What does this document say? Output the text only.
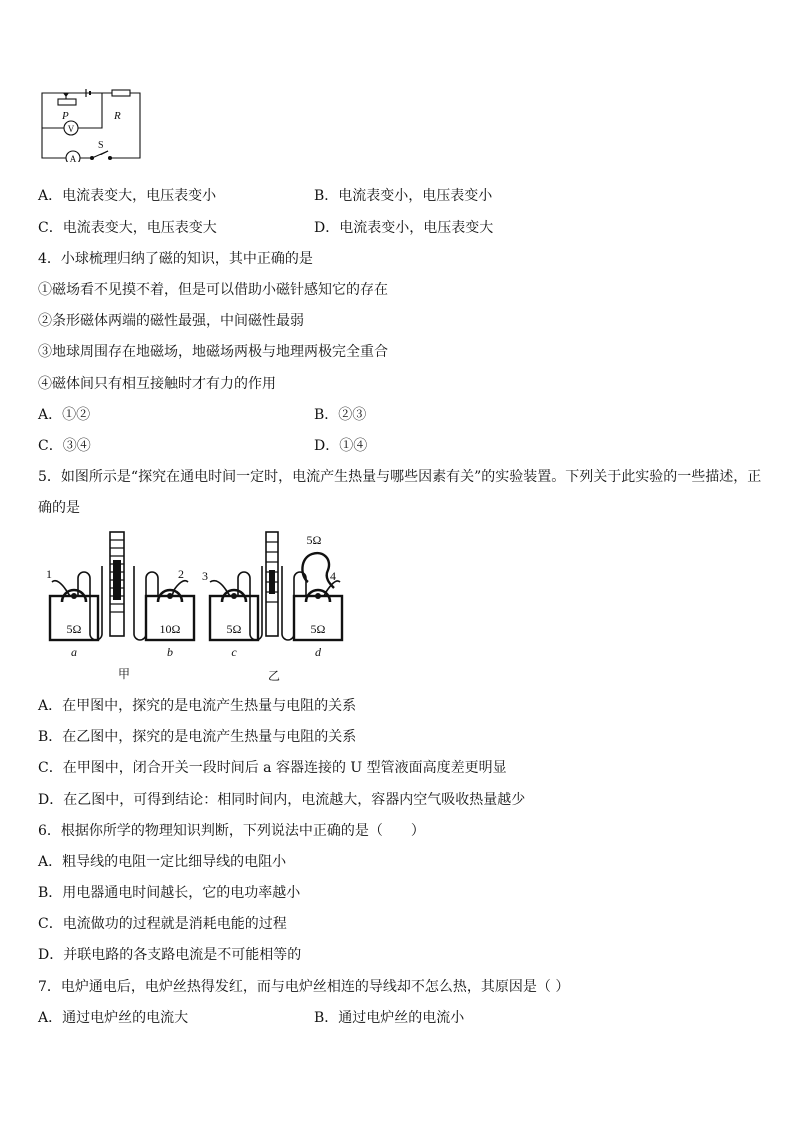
V
A
P	R
S
A．电流表变大，电压表变小	B．电流表变小，电压表变小
C．电流表变大，电压表变大	D．电流表变小，电压表变大
4．小球梳理归纳了磁的知识，其中正确的是
①磁场看不见摸不着，但是可以借助小磁针感知它的存在
②条形磁体两端的磁性最强，中间磁性最弱
③地球周围存在地磁场，地磁场两极与地理两极完全重合
④磁体间只有相互接触时才有力的作用
A．①②	B．②③
C．③④	D．①④
5．如图所示是“探究在通电时间一定时，电流产生热量与哪些因素有关”的实验装置。下列关于此实验的一些描述，正
确的是
5Ω	10Ω
1	2
a	b
5Ω	5Ω
5Ω
3	4
c	d
甲	乙
A．在甲图中，探究的是电流产生热量与电阻的关系
B．在乙图中，探究的是电流产生热量与电阻的关系
C．在甲图中，闭合开关一段时间后 a 容器连接的 U 型管液面高度差更明显
D．在乙图中，可得到结论：相同时间内，电流越大，容器内空气吸收热量越少
6．根据你所学的物理知识判断，下列说法中正确的是（　　）
A．粗导线的电阻一定比细导线的电阻小
B．用电器通电时间越长，它的电功率越小
C．电流做功的过程就是消耗电能的过程
D．并联电路的各支路电流是不可能相等的
7．电炉通电后，电炉丝热得发红，而与电炉丝相连的导线却不怎么热，其原因是（ ）
A．通过电炉丝的电流大	B．通过电炉丝的电流小
